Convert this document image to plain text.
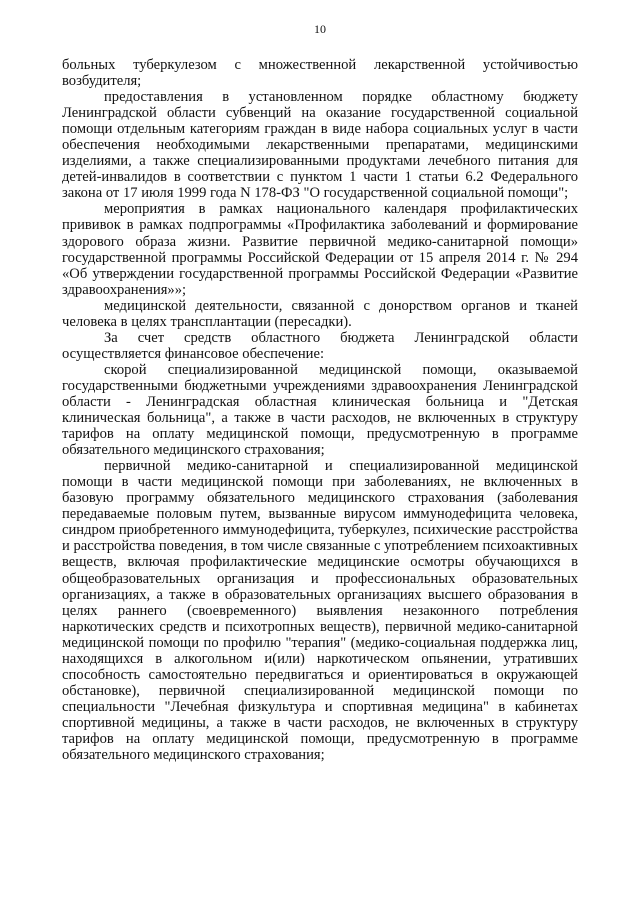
10

больных туберкулезом с множественной лекарственной устойчивостью возбудителя;

предоставления в установленном порядке областному бюджету Ленинградской области субвенций на оказание государственной социальной помощи отдельным категориям граждан в виде набора социальных услуг в части обеспечения необходимыми лекарственными препаратами, медицинскими изделиями, а также специализированными продуктами лечебного питания для детей-инвалидов в соответствии с пунктом 1 части 1 статьи 6.2 Федерального закона от 17 июля 1999 года N 178-ФЗ "О государственной социальной помощи";

мероприятия в рамках национального календаря профилактических прививок в рамках подпрограммы «Профилактика заболеваний и формирование здорового образа жизни. Развитие первичной медико-санитарной помощи» государственной программы Российской Федерации от 15 апреля 2014 г. № 294 «Об утверждении государственной программы Российской Федерации «Развитие здравоохранения»»;

медицинской деятельности, связанной с донорством органов и тканей человека в целях трансплантации (пересадки).

За счет средств областного бюджета Ленинградской области осуществляется финансовое обеспечение:

скорой специализированной медицинской помощи, оказываемой государственными бюджетными учреждениями здравоохранения Ленинградской области - Ленинградская областная клиническая больница и "Детская клиническая больница", а также в части расходов, не включенных в структуру тарифов на оплату медицинской помощи, предусмотренную в программе обязательного медицинского страхования;

первичной медико-санитарной и специализированной медицинской помощи в части медицинской помощи при заболеваниях, не включенных в базовую программу обязательного медицинского страхования (заболевания передаваемые половым путем, вызванные вирусом иммунодефицита человека, синдром приобретенного иммунодефицита, туберкулез, психические расстройства и расстройства поведения, в том числе связанные с употреблением психоактивных веществ, включая профилактические медицинские осмотры обучающихся в общеобразовательных организация и профессиональных образовательных организациях, а также в образовательных организациях высшего образования в целях раннего (своевременного) выявления незаконного потребления наркотических средств и психотропных веществ), первичной медико-санитарной медицинской помощи по профилю "терапия" (медико-социальная поддержка лиц, находящихся в алкогольном и(или) наркотическом опьянении, утративших способность самостоятельно передвигаться и ориентироваться в окружающей обстановке), первичной специализированной медицинской помощи по специальности "Лечебная физкультура и спортивная медицина" в кабинетах спортивной медицины, а также в части расходов, не включенных в структуру тарифов на оплату медицинской помощи, предусмотренную в программе обязательного медицинского страхования;
